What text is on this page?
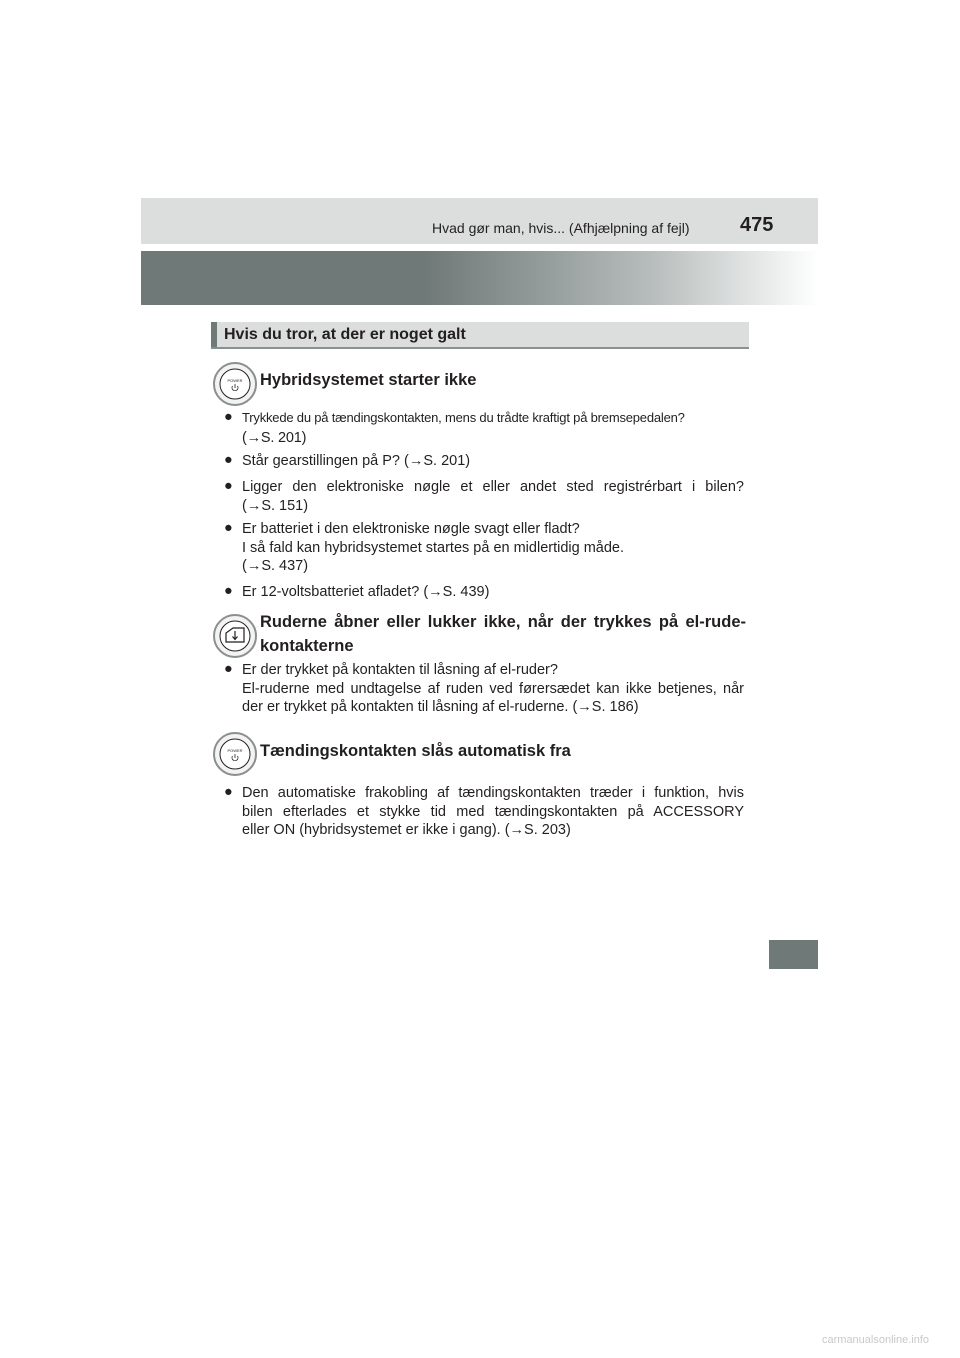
Hvad gør man, hvis... (Afhjælpning af fejl)	475
Hvis du tror, at der er noget galt
POWER Hybridsystemet starter ikke
● Trykkede du på tændingskontakten, mens du trådte kraftigt på bremsepedalen?
(→S. 201)
● Står gearstillingen på P? (→S. 201)
● Ligger den elektroniske nøgle et eller andet sted registrérbart i bilen?
(→S. 151)
● Er batteriet i den elektroniske nøgle svagt eller fladt?
I så fald kan hybridsystemet startes på en midlertidig måde.
(→S. 437)
● Er 12-voltsbatteriet afladet? (→S. 439)
Ruderne åbner eller lukker ikke, når der trykkes på el-rude-
kontakterne
● Er der trykket på kontakten til låsning af el-ruder?
El-ruderne med undtagelse af ruden ved førersædet kan ikke betjenes, når
der er trykket på kontakten til låsning af el-ruderne. (→S. 186)
POWER Tændingskontakten slås automatisk fra
● Den automatiske frakobling af tændingskontakten træder i funktion, hvis
bilen efterlades et stykke tid med tændingskontakten på ACCESSORY
eller ON (hybridsystemet er ikke i gang). (→S. 203)
carmanualsonline.info
